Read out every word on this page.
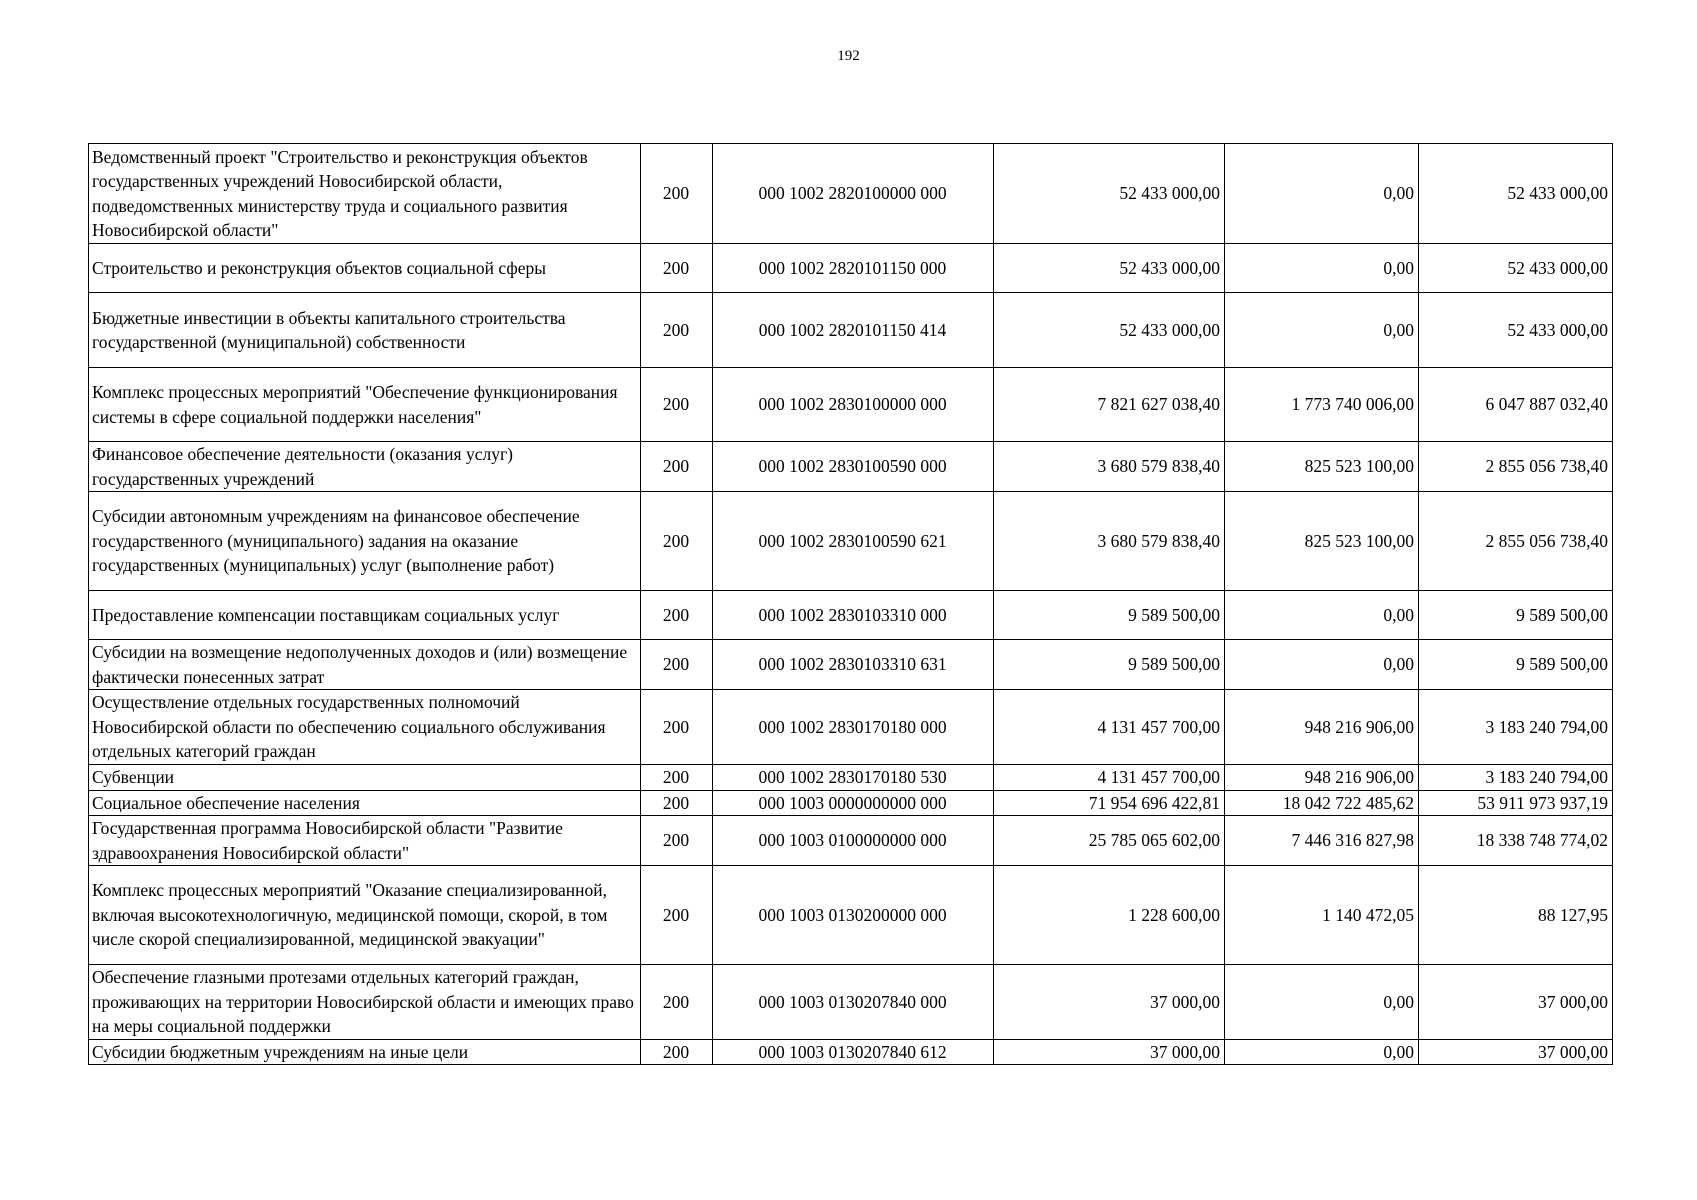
192
Ведомственный проект "Строительство и реконструкция объектов государственных учреждений Новосибирской области, подведомственных министерству труда и социального развития Новосибирской области"	200	000 1002 2820100000 000	52 433 000,00	0,00	52 433 000,00
Строительство и реконструкция объектов социальной сферы	200	000 1002 2820101150 000	52 433 000,00	0,00	52 433 000,00
Бюджетные инвестиции в объекты капитального строительства государственной (муниципальной) собственности	200	000 1002 2820101150 414	52 433 000,00	0,00	52 433 000,00
Комплекс процессных мероприятий "Обеспечение функционирования системы в сфере социальной поддержки населения"	200	000 1002 2830100000 000	7 821 627 038,40	1 773 740 006,00	6 047 887 032,40
Финансовое обеспечение деятельности (оказания услуг) государственных учреждений	200	000 1002 2830100590 000	3 680 579 838,40	825 523 100,00	2 855 056 738,40
Субсидии автономным учреждениям на финансовое обеспечение государственного (муниципального) задания на оказание государственных (муниципальных) услуг (выполнение работ)	200	000 1002 2830100590 621	3 680 579 838,40	825 523 100,00	2 855 056 738,40
Предоставление компенсации поставщикам социальных услуг	200	000 1002 2830103310 000	9 589 500,00	0,00	9 589 500,00
Субсидии на возмещение недополученных доходов и (или) возмещение фактически понесенных затрат	200	000 1002 2830103310 631	9 589 500,00	0,00	9 589 500,00
Осуществление отдельных государственных полномочий Новосибирской области по обеспечению социального обслуживания отдельных категорий граждан	200	000 1002 2830170180 000	4 131 457 700,00	948 216 906,00	3 183 240 794,00
Субвенции	200	000 1002 2830170180 530	4 131 457 700,00	948 216 906,00	3 183 240 794,00
Социальное обеспечение населения	200	000 1003 0000000000 000	71 954 696 422,81	18 042 722 485,62	53 911 973 937,19
Государственная программа Новосибирской области "Развитие здравоохранения Новосибирской области"	200	000 1003 0100000000 000	25 785 065 602,00	7 446 316 827,98	18 338 748 774,02
Комплекс процессных мероприятий "Оказание специализированной, включая высокотехнологичную, медицинской помощи, скорой, в том числе скорой специализированной, медицинской эвакуации"	200	000 1003 0130200000 000	1 228 600,00	1 140 472,05	88 127,95
Обеспечение глазными протезами отдельных категорий граждан, проживающих на территории Новосибирской области и имеющих право на меры социальной поддержки	200	000 1003 0130207840 000	37 000,00	0,00	37 000,00
Субсидии бюджетным учреждениям на иные цели	200	000 1003 0130207840 612	37 000,00	0,00	37 000,00
